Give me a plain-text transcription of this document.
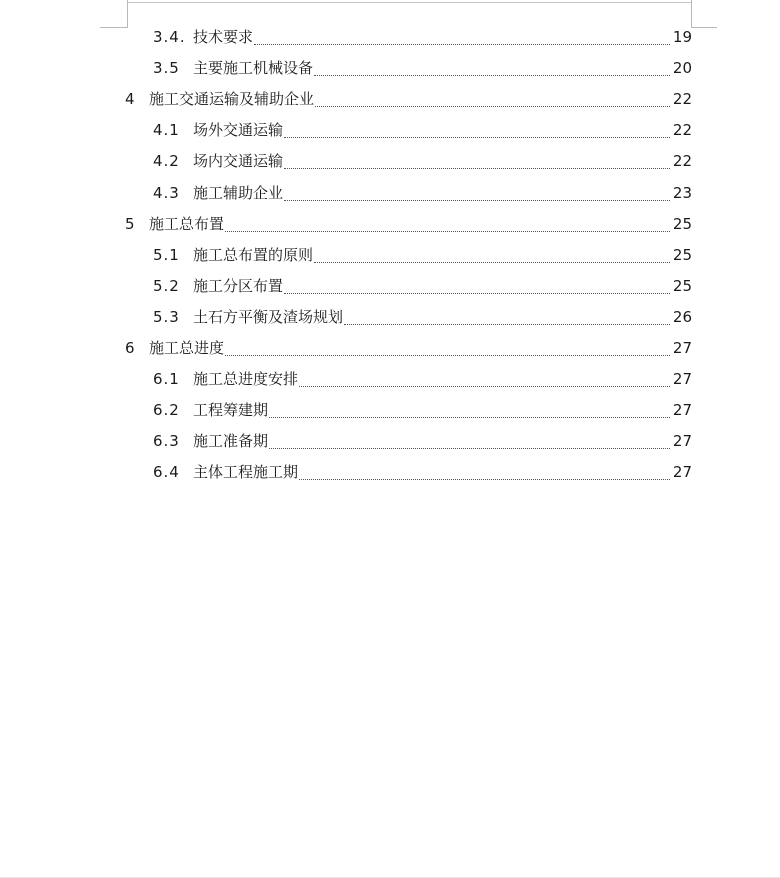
3.4. 技术要求	19
3.5 主要施工机械设备	20
4 施工交通运输及辅助企业	22
4.1 场外交通运输	22
4.2 场内交通运输	22
4.3 施工辅助企业	23
5 施工总布置	25
5.1 施工总布置的原则	25
5.2 施工分区布置	25
5.3 土石方平衡及渣场规划	26
6 施工总进度	27
6.1 施工总进度安排	27
6.2 工程筹建期	27
6.3 施工准备期	27
6.4 主体工程施工期	27
